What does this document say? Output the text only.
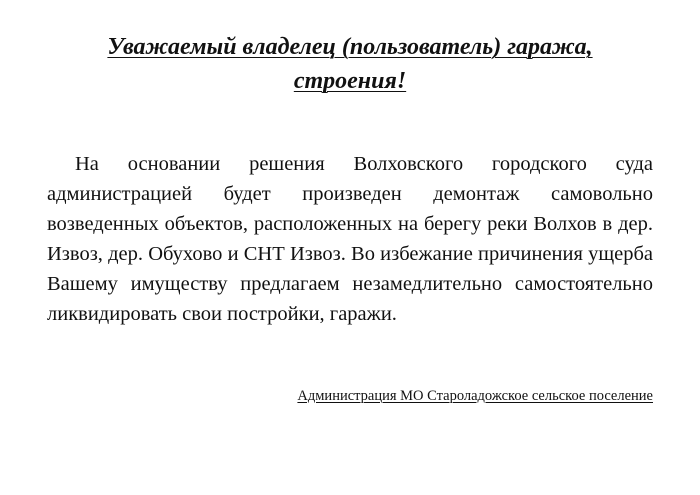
Уважаемый владелец (пользователь) гаража,
строения!

На основании решения Волховского городского суда администрацией будет произведен демонтаж самовольно возведенных объектов, расположенных на берегу реки Волхов в дер. Извоз, дер. Обухово и СНТ Извоз. Во избежание причинения ущерба Вашему имуществу предлагаем незамедлительно самостоятельно ликвидировать свои постройки, гаражи.

Администрация МО Староладожское сельское поселение
